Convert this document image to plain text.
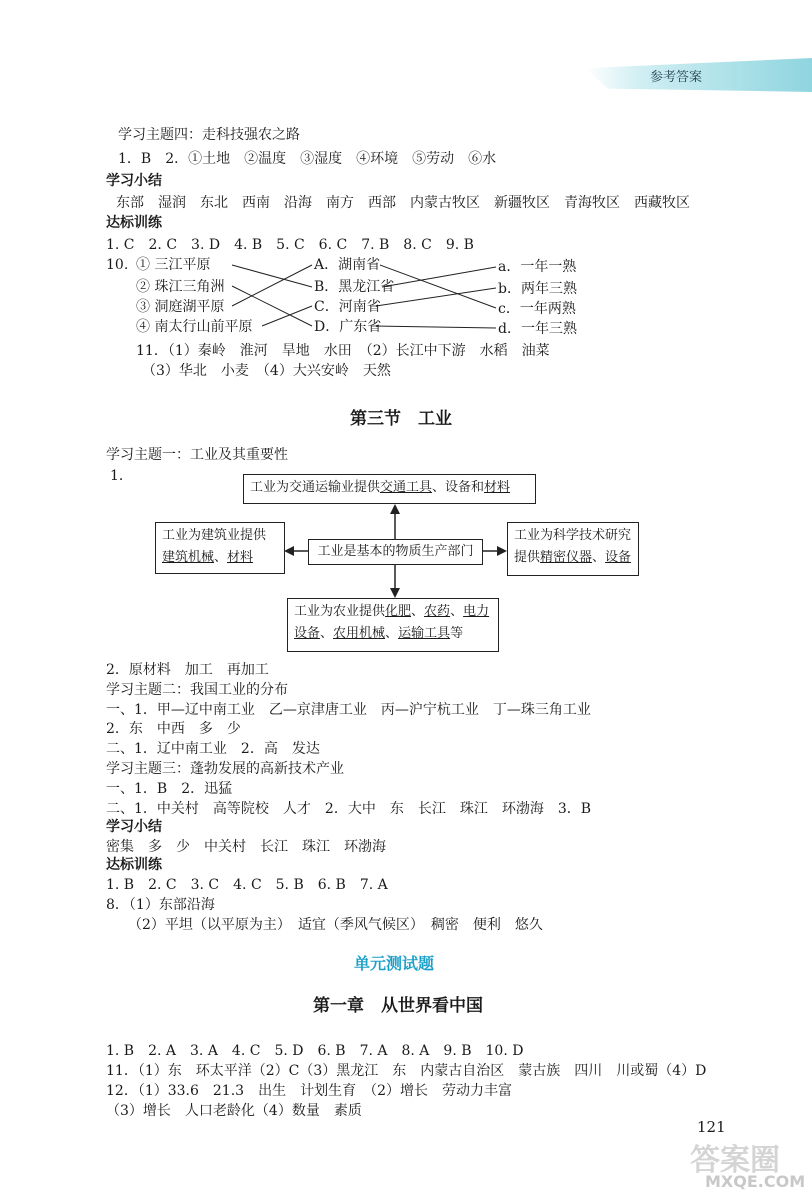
参考答案
学习主题四：走科技强农之路
1．B　2．①土地　②温度　③湿度　④环境　⑤劳动　⑥水
学习小结
东部　湿润　东北　西南　沿海　南方　西部　内蒙古牧区　新疆牧区　青海牧区　西藏牧区
达标训练
1. C　2. C　3. D　4. B　5. C　6. C　7. B　8. C　9. B
10. ① 三江平原
② 珠江三角洲
③ 洞庭湖平原
④ 南太行山前平原
A．湖南省
B．黑龙江省
C．河南省
D．广东省
a．一年一熟
b．两年三熟
c．一年两熟
d．一年三熟
11．（1）秦岭　淮河　旱地　水田　（2）长江中下游　水稻　油菜
（3）华北　小麦　（4）大兴安岭　天然
第三节　工业
学习主题一：工业及其重要性
1．
工业为交通运输业提供交通工具、设备和材料
工业为建筑业提供
建筑机械、材料	工业是基本的物质生产部门
工业为科学技术研究
提供精密仪器、设备
工业为农业提供化肥、农药、电力
设备、农用机械、运输工具等
2．原材料　加工　再加工
学习主题二：我国工业的分布
一、1．甲—辽中南工业　乙—京津唐工业　丙—沪宁杭工业　丁—珠三角工业
2．东　中西　多　少
二、1．辽中南工业　2．高　发达
学习主题三：蓬勃发展的高新技术产业
一、1．B　2．迅猛
二、1．中关村　高等院校　人才　2．大中　东　长江　珠江　环渤海　3．B
学习小结
密集　多　少　中关村　长江　珠江　环渤海
达标训练
1. B　2. C　3. C　4. C　5. B　6. B　7. A
8．（1）东部沿海
（2）平坦（以平原为主）　适宜（季风气候区）　稠密　便利　悠久
单元测试题
第一章　从世界看中国
1. B　2. A　3. A　4. C　5. D　6. B　7. A　8. A　9. B　10. D
11．（1）东　环太平洋（2）C（3）黑龙江　东　内蒙古自治区　蒙古族　四川　川或蜀（4）D
12．（1）33.6　21.3　出生　计划生育　（2）增长　劳动力丰富
（3）增长　人口老龄化（4）数量　素质
121
答案圈
MXQE.COM
